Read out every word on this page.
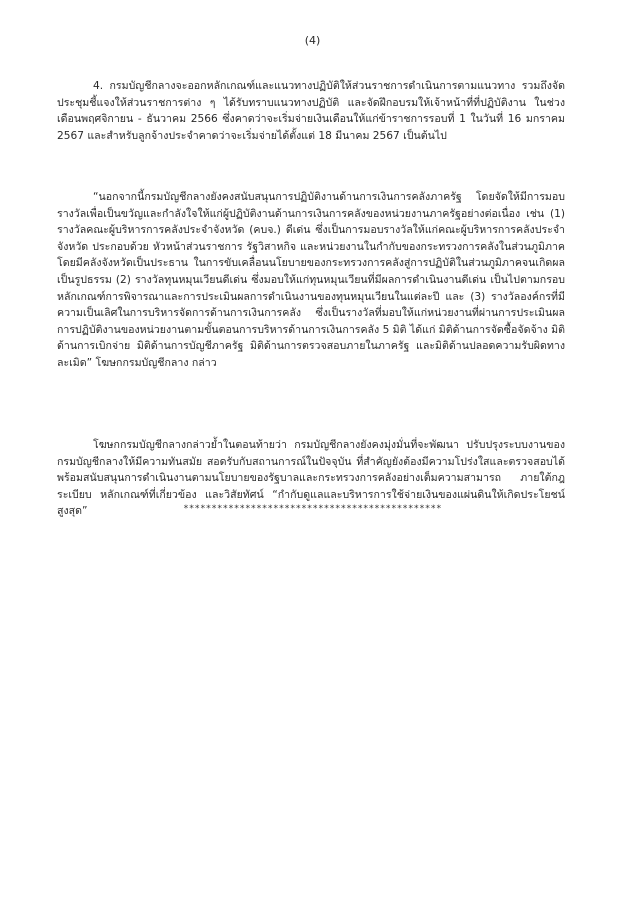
(4)

4. กรมบัญชีกลางจะออกหลักเกณฑ์และแนวทางปฏิบัติให้ส่วนราชการดำเนินการตามแนวทาง รวมถึงจัดประชุมชี้แจงให้ส่วนราชการต่าง ๆ ได้รับทราบแนวทางปฏิบัติ และจัดฝึกอบรมให้เจ้าหน้าที่ที่ปฏิบัติงาน ในช่วงเดือนพฤศจิกายน - ธันวาคม 2566 ซึ่งคาดว่าจะเริ่มจ่ายเงินเดือนให้แก่ข้าราชการรอบที่ 1 ในวันที่ 16 มกราคม 2567 และสำหรับลูกจ้างประจำคาดว่าจะเริ่มจ่ายได้ตั้งแต่ 18 มีนาคม 2567 เป็นต้นไป

“นอกจากนี้กรมบัญชีกลางยังคงสนับสนุนการปฏิบัติงานด้านการเงินการคลังภาครัฐ โดยจัดให้มีการมอบรางวัลเพื่อเป็นขวัญและกำลังใจให้แก่ผู้ปฏิบัติงานด้านการเงินการคลังของหน่วยงานภาครัฐอย่างต่อเนื่อง เช่น (1) รางวัลคณะผู้บริหารการคลังประจำจังหวัด (คบจ.) ดีเด่น ซึ่งเป็นการมอบรางวัลให้แก่คณะผู้บริหารการคลังประจำจังหวัด ประกอบด้วย หัวหน้าส่วนราชการ รัฐวิสาหกิจ และหน่วยงานในกำกับของกระทรวงการคลังในส่วนภูมิภาค โดยมีคลังจังหวัดเป็นประธาน ในการขับเคลื่อนนโยบายของกระทรวงการคลังสู่การปฏิบัติในส่วนภูมิภาคจนเกิดผลเป็นรูปธรรม (2) รางวัลทุนหมุนเวียนดีเด่น ซึ่งมอบให้แก่ทุนหมุนเวียนที่มีผลการดำเนินงานดีเด่น เป็นไปตามกรอบหลักเกณฑ์การพิจารณาและการประเมินผลการดำเนินงานของทุนหมุนเวียนในแต่ละปี และ (3) รางวัลองค์กรที่มีความเป็นเลิศในการบริหารจัดการด้านการเงินการคลัง ซึ่งเป็นรางวัลที่มอบให้แก่หน่วยงานที่ผ่านการประเมินผลการปฏิบัติงานของหน่วยงานตามขั้นตอนการบริหารด้านการเงินการคลัง 5 มิติ ได้แก่ มิติด้านการจัดซื้อจัดจ้าง มิติด้านการเบิกจ่าย มิติด้านการบัญชีภาครัฐ มิติด้านการตรวจสอบภายในภาครัฐ และมิติด้านปลอดความรับผิดทางละเมิด” โฆษกกรมบัญชีกลาง กล่าว

โฆษกกรมบัญชีกลางกล่าวย้ำในตอนท้ายว่า กรมบัญชีกลางยังคงมุ่งมั่นที่จะพัฒนา ปรับปรุงระบบงานของกรมบัญชีกลางให้มีความทันสมัย สอดรับกับสถานการณ์ในปัจจุบัน ที่สำคัญยังต้องมีความโปร่งใสและตรวจสอบได้ พร้อมสนับสนุนการดำเนินงานตามนโยบายของรัฐบาลและกระทรวงการคลังอย่างเต็มความสามารถ ภายใต้กฎ ระเบียบ หลักเกณฑ์ที่เกี่ยวข้อง และวิสัยทัศน์ “กำกับดูแลและบริหารการใช้จ่ายเงินของแผ่นดินให้เกิดประโยชน์สูงสุด”	**********************************************
